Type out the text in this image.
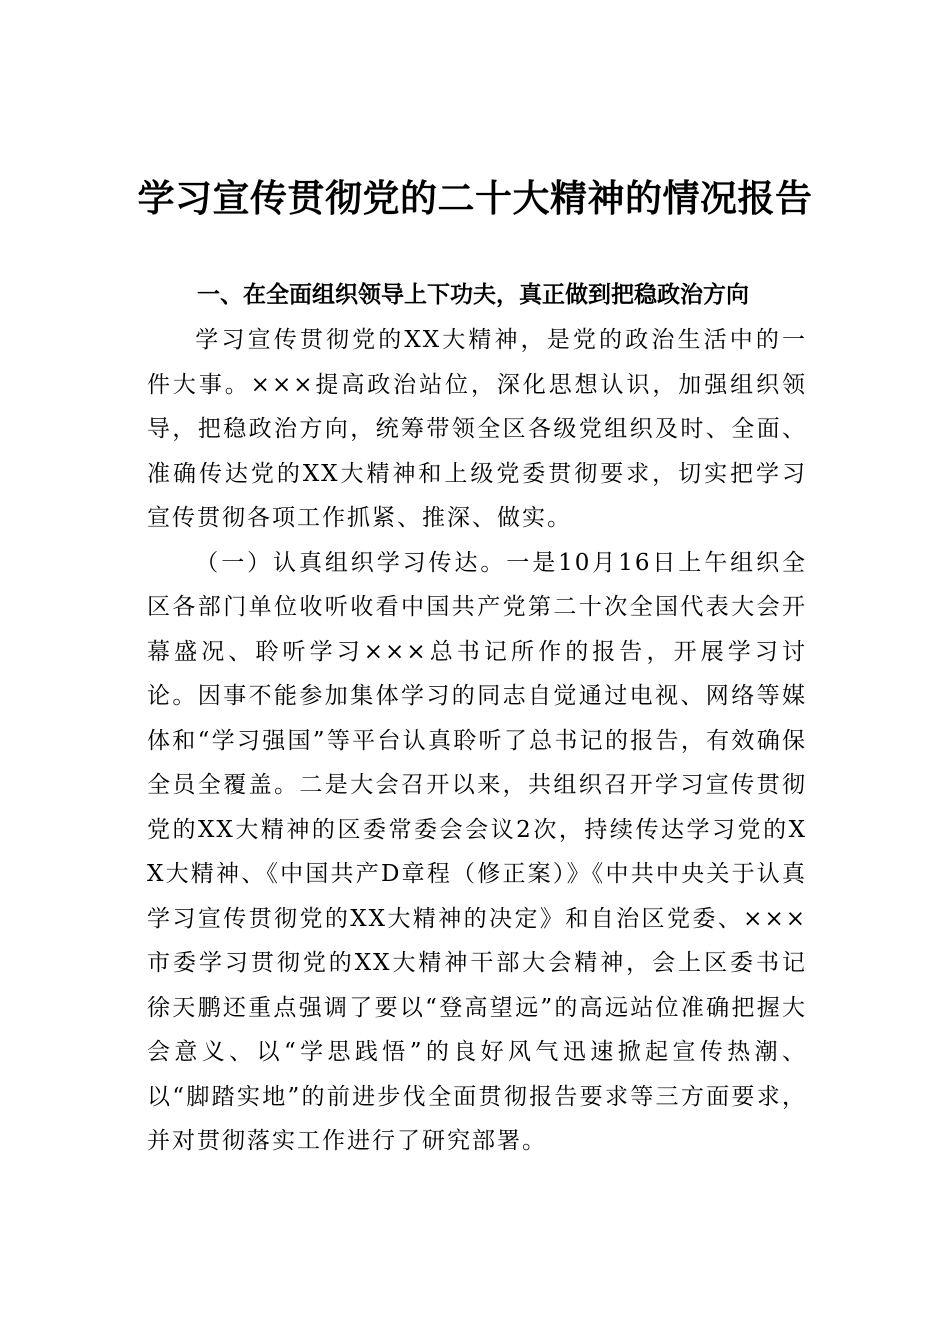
学习宣传贯彻党的二十大精神的情况报告
一、在全面组织领导上下功夫，真正做到把稳政治方向

学习宣传贯彻党的XX大精神，是党的政治生活中的一件大事。×××提高政治站位，深化思想认识，加强组织领导，把稳政治方向，统筹带领全区各级党组织及时、全面、准确传达党的XX大精神和上级党委贯彻要求，切实把学习宣传贯彻各项工作抓紧、推深、做实。

（一）认真组织学习传达。一是10月16日上午组织全区各部门单位收听收看中国共产党第二十次全国代表大会开幕盛况、聆听学习×××总书记所作的报告，开展学习讨论。因事不能参加集体学习的同志自觉通过电视、网络等媒体和“学习强国”等平台认真聆听了总书记的报告，有效确保全员全覆盖。二是大会召开以来，共组织召开学习宣传贯彻党的XX大精神的区委常委会会议2次，持续传达学习党的XX大精神、《中国共产D章程（修正案）》《中共中央关于认真学习宣传贯彻党的XX大精神的决定》和自治区党委、×××市委学习贯彻党的XX大精神干部大会精神，会上区委书记徐天鹏还重点强调了要以“登高望远”的高远站位准确把握大会意义、以“学思践悟”的良好风气迅速掀起宣传热潮、以“脚踏实地”的前进步伐全面贯彻报告要求等三方面要求，并对贯彻落实工作进行了研究部署。
